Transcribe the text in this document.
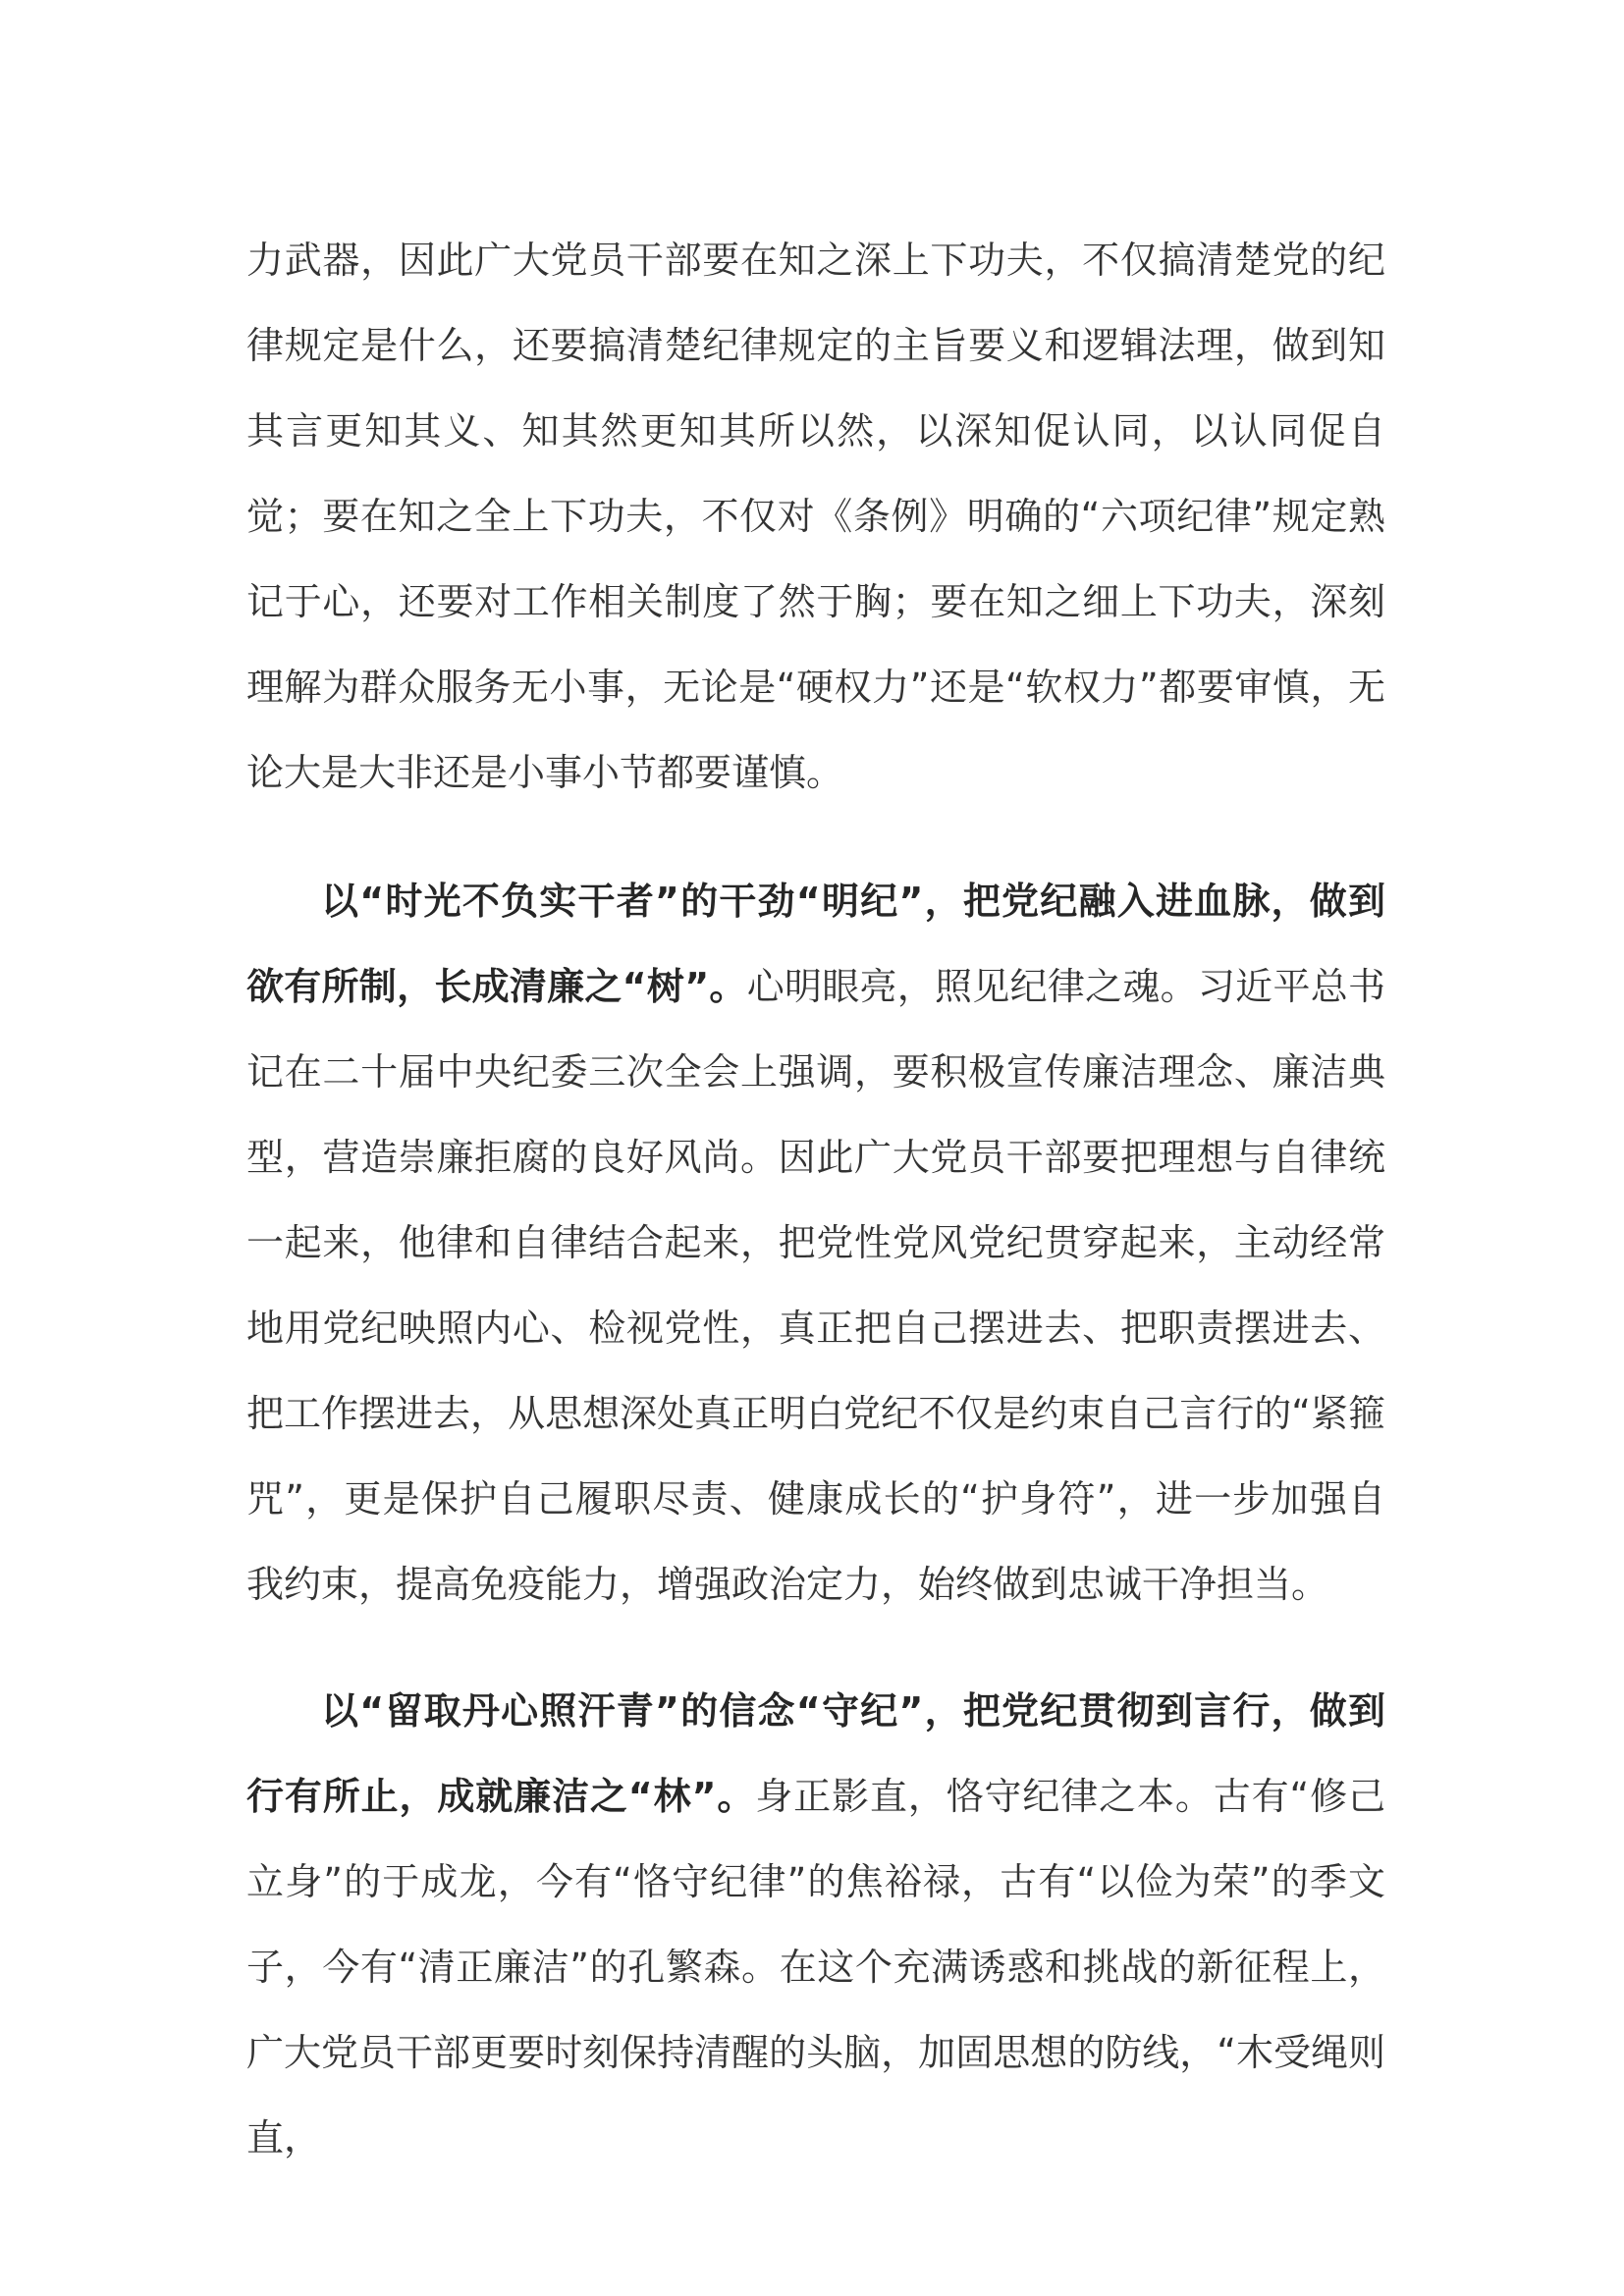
力武器，因此广大党员干部要在知之深上下功夫，不仅搞清楚党的纪律规定是什么，还要搞清楚纪律规定的主旨要义和逻辑法理，做到知其言更知其义、知其然更知其所以然，以深知促认同，以认同促自觉；要在知之全上下功夫，不仅对《条例》明确的“六项纪律”规定熟记于心，还要对工作相关制度了然于胸；要在知之细上下功夫，深刻理解为群众服务无小事，无论是“硬权力”还是“软权力”都要审慎，无论大是大非还是小事小节都要谨慎。

以“时光不负实干者”的干劲“明纪”，把党纪融入进血脉，做到欲有所制，长成清廉之“树”。心明眼亮，照见纪律之魂。习近平总书记在二十届中央纪委三次全会上强调，要积极宣传廉洁理念、廉洁典型，营造崇廉拒腐的良好风尚。因此广大党员干部要把理想与自律统一起来，他律和自律结合起来，把党性党风党纪贯穿起来，主动经常地用党纪映照内心、检视党性，真正把自己摆进去、把职责摆进去、把工作摆进去，从思想深处真正明白党纪不仅是约束自己言行的“紧箍咒”，更是保护自己履职尽责、健康成长的“护身符”，进一步加强自我约束，提高免疫能力，增强政治定力，始终做到忠诚干净担当。

以“留取丹心照汗青”的信念“守纪”，把党纪贯彻到言行，做到行有所止，成就廉洁之“林”。身正影直，恪守纪律之本。古有“修己立身”的于成龙，今有“恪守纪律”的焦裕禄，古有“以俭为荣”的季文子，今有“清正廉洁”的孔繁森。在这个充满诱惑和挑战的新征程上，广大党员干部更要时刻保持清醒的头脑，加固思想的防线，“木受绳则直，
